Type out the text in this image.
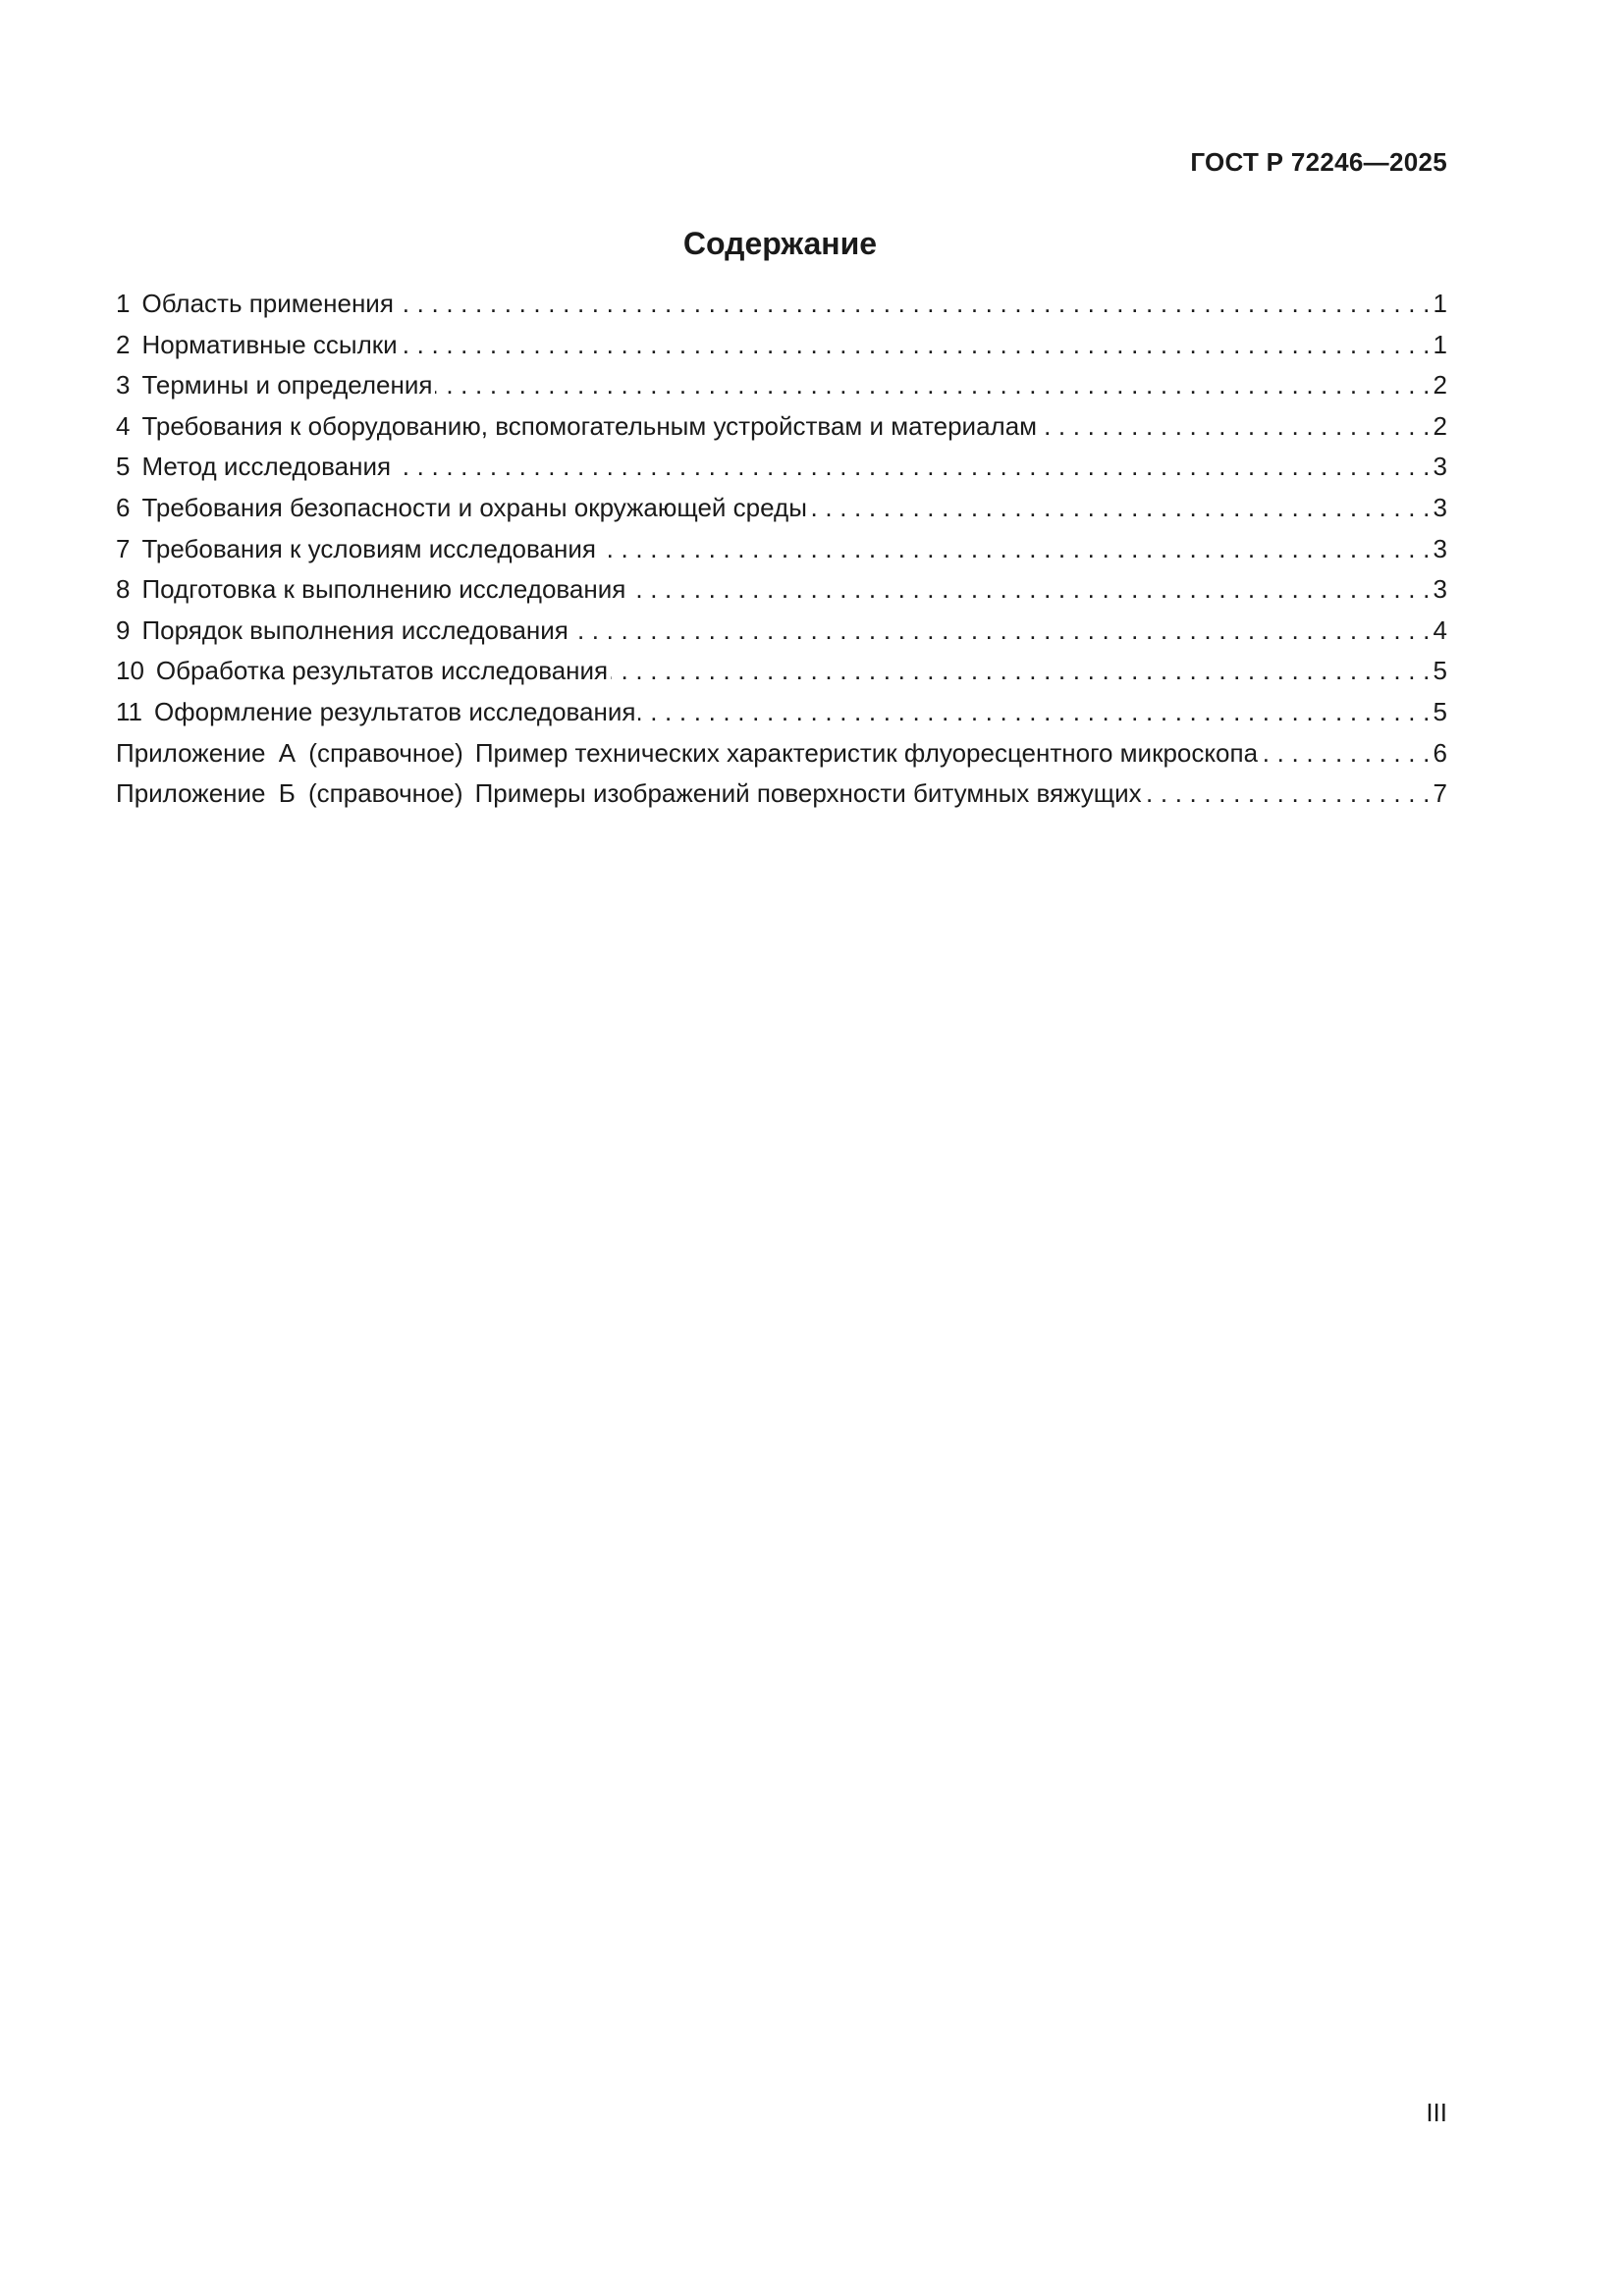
ГОСТ Р 72246—2025
Содержание
1 Область применения . . .	1
2 Нормативные ссылки . . .	1
3 Термины и определения . . .	2
4 Требования к оборудованию, вспомогательным устройствам и материалам . . .	2
5 Метод исследования . . .	3
6 Требования безопасности и охраны окружающей среды . . .	3
7 Требования к условиям исследования . . .	3
8 Подготовка к выполнению исследования . . .	3
9 Порядок выполнения исследования . . .	4
10 Обработка результатов исследования . . .	5
11 Оформление результатов исследования . . .	5
Приложение А (справочное) Пример технических характеристик флуоресцентного микроскопа . . .	6
Приложение Б (справочное) Примеры изображений поверхности битумных вяжущих . . .	7
III
